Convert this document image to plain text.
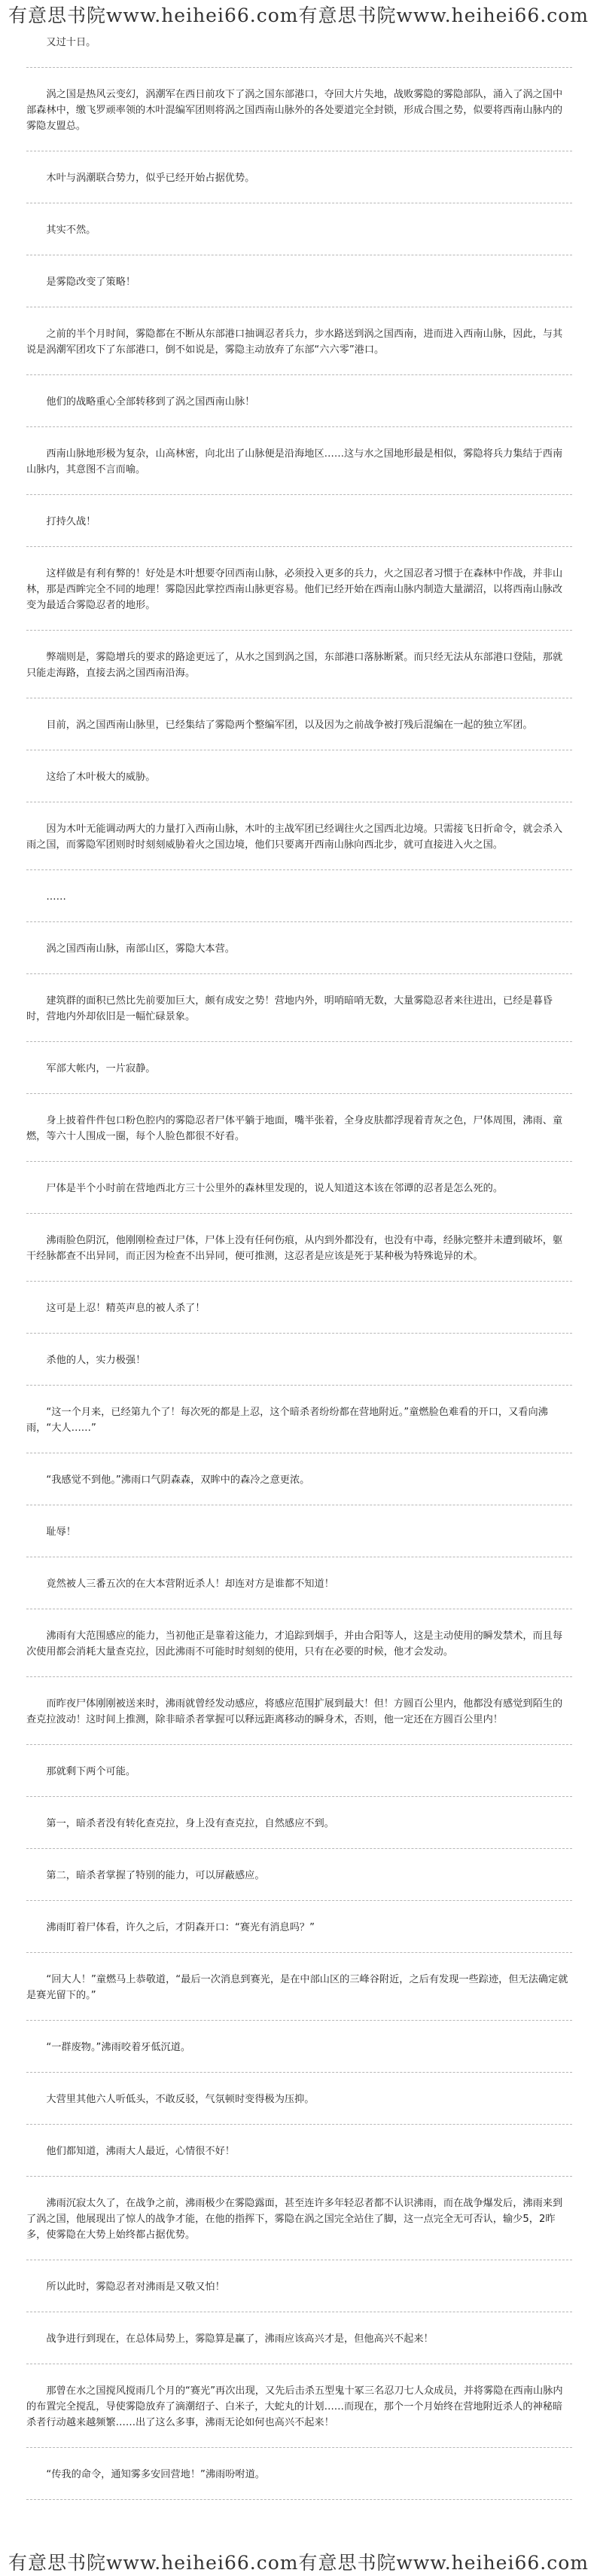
有意思书院www.heihei66.com有意思书院www.heihei66.com
又过十日。
涡之国是热风云变幻，涡潮军在西日前攻下了涡之国东部港口，夺回大片失地，战败雾隐的雾隐部队，涌入了涡之国中部森林中，缴飞罗顽率领的木叶混编军团则将涡之国西南山脉外的各处要道完全封锁，形成合围之势，似要将西南山脉内的雾隐友盟总。
木叶与涡潮联合势力，似乎已经开始占据优势。
其实不然。
是雾隐改变了策略！
之前的半个月时间，雾隐都在不断从东部港口抽调忍者兵力，步水路送到涡之国西南，进而进入西南山脉，因此，与其说是涡潮军团攻下了东部港口，倒不如说是，雾隐主动放弃了东部“六六零”港口。
他们的战略重心全部转移到了涡之国西南山脉！
西南山脉地形极为复杂，山高林密，向北出了山脉便是沿海地区……这与水之国地形最是相似，雾隐将兵力集结于西南山脉内，其意图不言而喻。
打持久战！
这样做是有利有弊的！好处是木叶想要夺回西南山脉，必须投入更多的兵力，火之国忍者习惯于在森林中作战，并非山林，那是西眸完全不同的地理！雾隐因此掌控西南山脉更容易。他们已经开始在西南山脉内制造大量湖沼，以将西南山脉改变为最适合雾隐忍者的地形。
弊端则是，雾隐增兵的要求的路途更远了，从水之国到涡之国，东部港口落脉断紧。而只经无法从东部港口登陆，那就只能走海路，直接去涡之国西南沿海。
目前，涡之国西南山脉里，已经集结了雾隐两个整编军团，以及因为之前战争被打残后混编在一起的独立军团。
这给了木叶极大的威胁。
因为木叶无能调动两大的力量打入西南山脉，木叶的主战军团已经调往火之国西北边境。只需接飞日折命令，就会杀入雨之国，而雾隐军团则时时刻刻威胁着火之国边境，他们只要离开西南山脉向西北步，就可直接进入火之国。
……
涡之国西南山脉，南部山区，雾隐大本营。
建筑群的面积已然比先前要加巨大，颇有成安之势！营地内外，明哨暗哨无数，大量雾隐忍者来往进出，已经是暮昏时，营地内外却依旧是一幅忙碌景象。
军部大帐内，一片寂静。
身上披着件件包口粉色腔内的雾隐忍者尸体平躺于地面，嘴半张着，全身皮肤都浮现着青灰之色，尸体周围，沸雨、童燃，等六十人围成一圈，每个人脸色都很不好看。
尸体是半个小时前在营地西北方三十公里外的森林里发现的，说人知道这本该在邻谭的忍者是怎么死的。
沸雨脸色阴沉，他刚刚检查过尸体，尸体上没有任何伤痕，从内到外都没有，也没有中毒，经脉完整并未遭到破坏，躯干经脉都查不出异同，而正因为检查不出异同，便可推测，这忍者是应该是死于某种极为特殊诡异的术。
这可是上忍！精英声息的被人杀了！
杀他的人，实力极强！
“这一个月来，已经第九个了！每次死的都是上忍，这个暗杀者纷纷都在营地附近。”童燃脸色难看的开口，又看向沸雨，“大人……”
“我感觉不到他。”沸雨口气阴森森，双眸中的森冷之意更浓。
耻辱！
竟然被人三番五次的在大本营附近杀人！却连对方是谁都不知道！
沸雨有大范围感应的能力，当初他正是靠着这能力，才追踪到烟手，并由合阳等人，这是主动使用的瞬发禁术，而且每次使用都会消耗大量查克拉，因此沸雨不可能时时刻刻的使用，只有在必要的时候，他才会发动。
而昨夜尸体刚刚被送来时，沸雨就曾经发动感应，将感应范围扩展到最大！但！方圆百公里内，他都没有感觉到陌生的查克拉波动！这时间上推测，除非暗杀者掌握可以释远距离移动的瞬身术，否则，他一定还在方圆百公里内！
那就剩下两个可能。
第一，暗杀者没有转化查克拉，身上没有查克拉，自然感应不到。
第二，暗杀者掌握了特别的能力，可以屏蔽感应。
沸雨盯着尸体看，许久之后，才阴森开口：“赛光有消息吗？”
“回大人！”童燃马上恭敬道，“最后一次消息到赛光，是在中部山区的三峰谷附近，之后有发现一些踪迹，但无法确定就是赛光留下的。”
“一群废物。”沸雨咬着牙低沉道。
大营里其他六人听低头，不敢反驳，气氛顿时变得极为压抑。
他们都知道，沸雨大人最近，心情很不好！
沸雨沉寂太久了，在战争之前，沸雨极少在雾隐露面，甚至连许多年轻忍者都不认识沸雨，而在战争爆发后，沸雨来到了涡之国，他展现出了惊人的战争才能，在他的指挥下，雾隐在涡之国完全站住了脚，这一点完全无可否认，输少5，2昨多，使雾隐在大势上始终都占据优势。
所以此时，雾隐忍者对沸雨是又敬又怕！
战争进行到现在，在总体局势上，雾隐算是赢了，沸雨应该高兴才是，但他高兴不起来！
那曾在水之国搅风搅雨几个月的“赛光”再次出现，又先后击杀五型鬼十冢三名忍刀七人众成员，并将雾隐在西南山脉内的布置完全搅乱，导使雾隐放弃了滴潮绍子、白米子，大蛇丸的计划……而现在，那个一个月始终在营地附近杀人的神秘暗杀者行动越来越频繁……出了这么多事，沸雨无论如何也高兴不起来！
“传我的命令，通知雾多安回营地！”沸雨吩咐道。
有意思书院www.heihei66.com有意思书院www.heihei66.com
